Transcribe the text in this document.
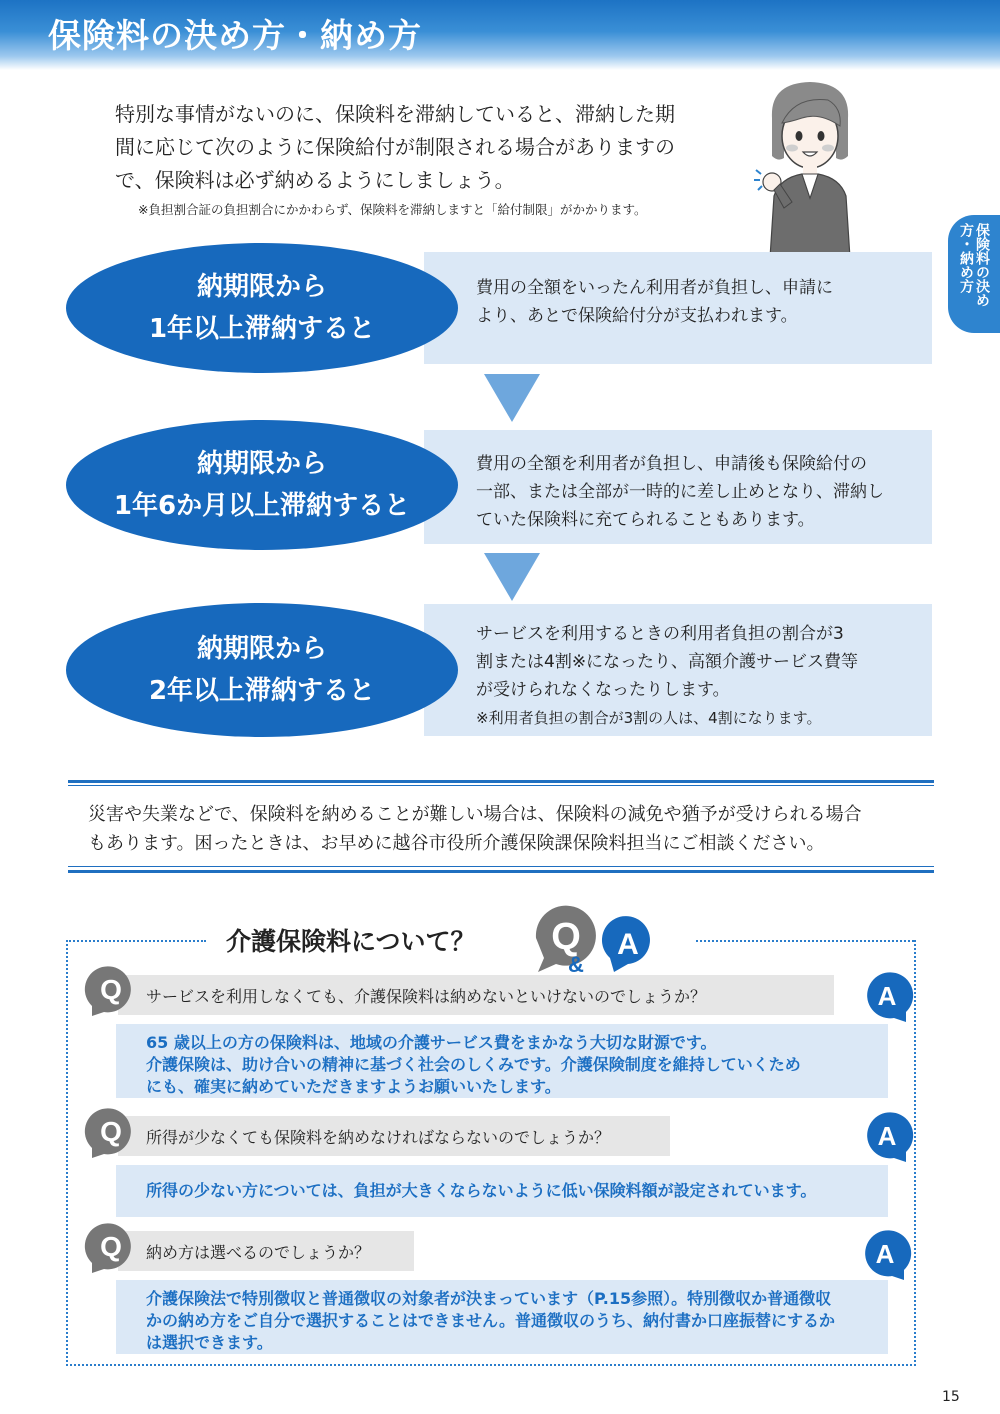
保険料の決め方・納め方
保険料の決め方・納め方
特別な事情がないのに、保険料を滞納していると、滞納した期
間に応じて次のように保険給付が制限される場合がありますの
で、保険料は必ず納めるようにしましょう。
※負担割合証の負担割合にかかわらず、保険料を滞納しますと「給付制限」がかかります。
費用の全額をいったん利用者が負担し、申請に
より、あとで保険給付分が支払われます。
納期限から
1年以上滞納すると
費用の全額を利用者が負担し、申請後も保険給付の
一部、または全部が一時的に差し止めとなり、滞納し
ていた保険料に充てられることもあります。
納期限から
1年6か月以上滞納すると
サービスを利用するときの利用者負担の割合が3
割または4割※になったり、高額介護サービス費等
が受けられなくなったりします。
※利用者負担の割合が3割の人は、4割になります。
納期限から
2年以上滞納すると
災害や失業などで、保険料を納めることが難しい場合は、保険料の減免や猶予が受けられる場合
もあります。困ったときは、お早めに越谷市役所介護保険課保険料担当にご相談ください。
介護保険料について？ Q
&
A
サービスを利用しなくても、介護保険料は納めないといけないのでしょうか？
Q	A
65 歳以上の方の保険料は、地域の介護サービス費をまかなう大切な財源です。
介護保険は、助け合いの精神に基づく社会のしくみです。介護保険制度を維持していくため
にも、確実に納めていただきますようお願いいたします。
所得が少なくても保険料を納めなければならないのでしょうか？
Q	A
所得の少ない方については、負担が大きくならないように低い保険料額が設定されています。
納め方は選べるのでしょうか？
Q	A
介護保険法で特別徴収と普通徴収の対象者が決まっています（P.15参照）。特別徴収か普通徴収
かの納め方をご自分で選択することはできません。普通徴収のうち、納付書か口座振替にするか
は選択できます。
15
